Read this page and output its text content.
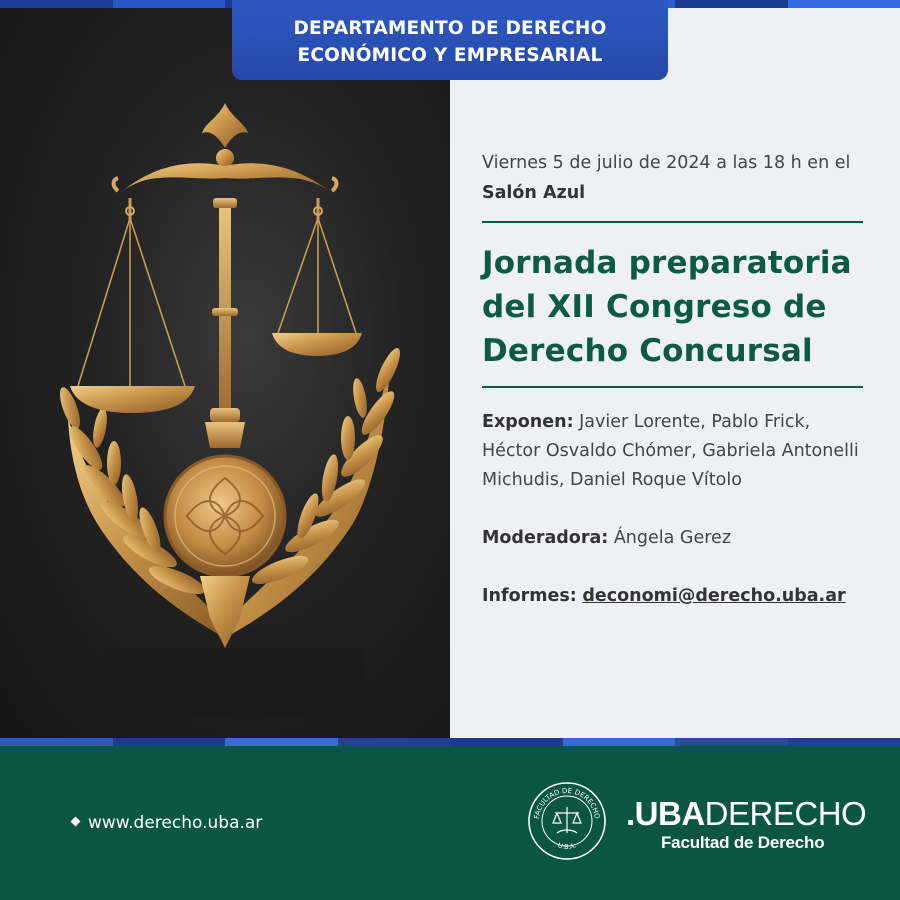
DEPARTAMENTO DE DERECHO
ECONÓMICO Y EMPRESARIAL
Viernes 5 de julio de 2024 a las 18 h en el Salón Azul
Jornada preparatoria
del XII Congreso de
Derecho Concursal
Exponen: Javier Lorente, Pablo Frick, Héctor Osvaldo Chómer, Gabriela Antonelli Michudis, Daniel Roque Vítolo
Moderadora: Ángela Gerez
Informes: deconomi@derecho.uba.ar
www.derecho.uba.ar	FACULTAD DE DERECHO
U.B.A.
.UBADERECHO
Facultad de Derecho
